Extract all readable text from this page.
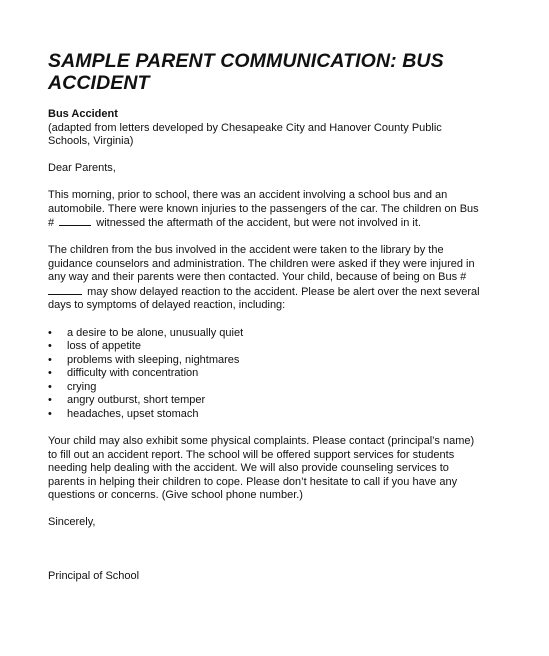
SAMPLE PARENT COMMUNICATION: BUS
ACCIDENT
Bus Accident
(adapted from letters developed by Chesapeake City and Hanover County Public
Schools, Virginia)
Dear Parents,
This morning, prior to school, there was an accident involving a school bus and an
automobile. There were known injuries to the passengers of the car. The children on Bus
#	witnessed the aftermath of the accident, but were not involved in it.
The children from the bus involved in the accident were taken to the library by the
guidance counselors and administration. The children were asked if they were injured in
any way and their parents were then contacted. Your child, because of being on Bus #
may show delayed reaction to the accident. Please be alert over the next several
days to symptoms of delayed reaction, including:
• a desire to be alone, unusually quiet
• loss of appetite
• problems with sleeping, nightmares
• difficulty with concentration
• crying
• angry outburst, short temper
• headaches, upset stomach
Your child may also exhibit some physical complaints. Please contact (principal’s name)
to fill out an accident report. The school will be offered support services for students
needing help dealing with the accident. We will also provide counseling services to
parents in helping their children to cope. Please don’t hesitate to call if you have any
questions or concerns. (Give school phone number.)
Sincerely,
Principal of School
